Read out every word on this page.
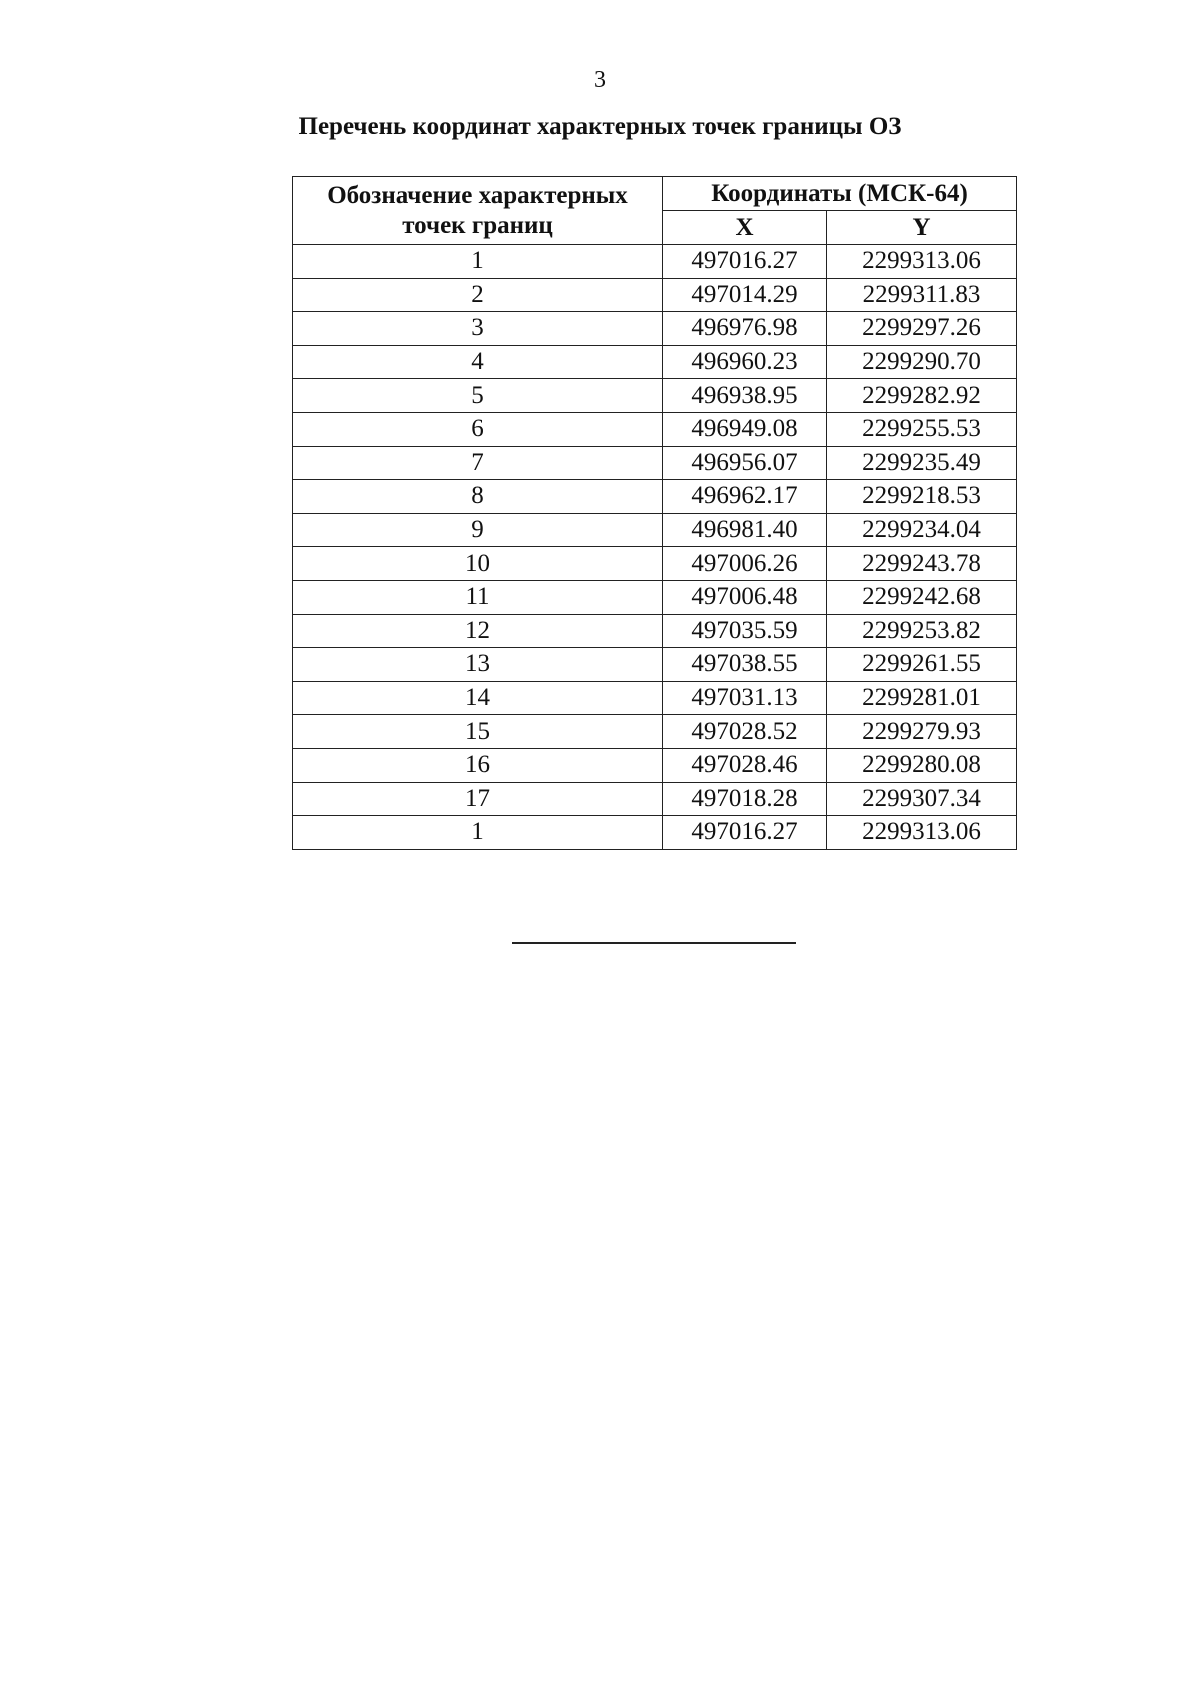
3
Перечень координат характерных точек границы ОЗ
Обозначение характерных точек границ	Координаты (МСК-64)	
	X	Y
1	497016.27	2299313.06
2	497014.29	2299311.83
3	496976.98	2299297.26
4	496960.23	2299290.70
5	496938.95	2299282.92
6	496949.08	2299255.53
7	496956.07	2299235.49
8	496962.17	2299218.53
9	496981.40	2299234.04
10	497006.26	2299243.78
11	497006.48	2299242.68
12	497035.59	2299253.82
13	497038.55	2299261.55
14	497031.13	2299281.01
15	497028.52	2299279.93
16	497028.46	2299280.08
17	497018.28	2299307.34
1	497016.27	2299313.06
